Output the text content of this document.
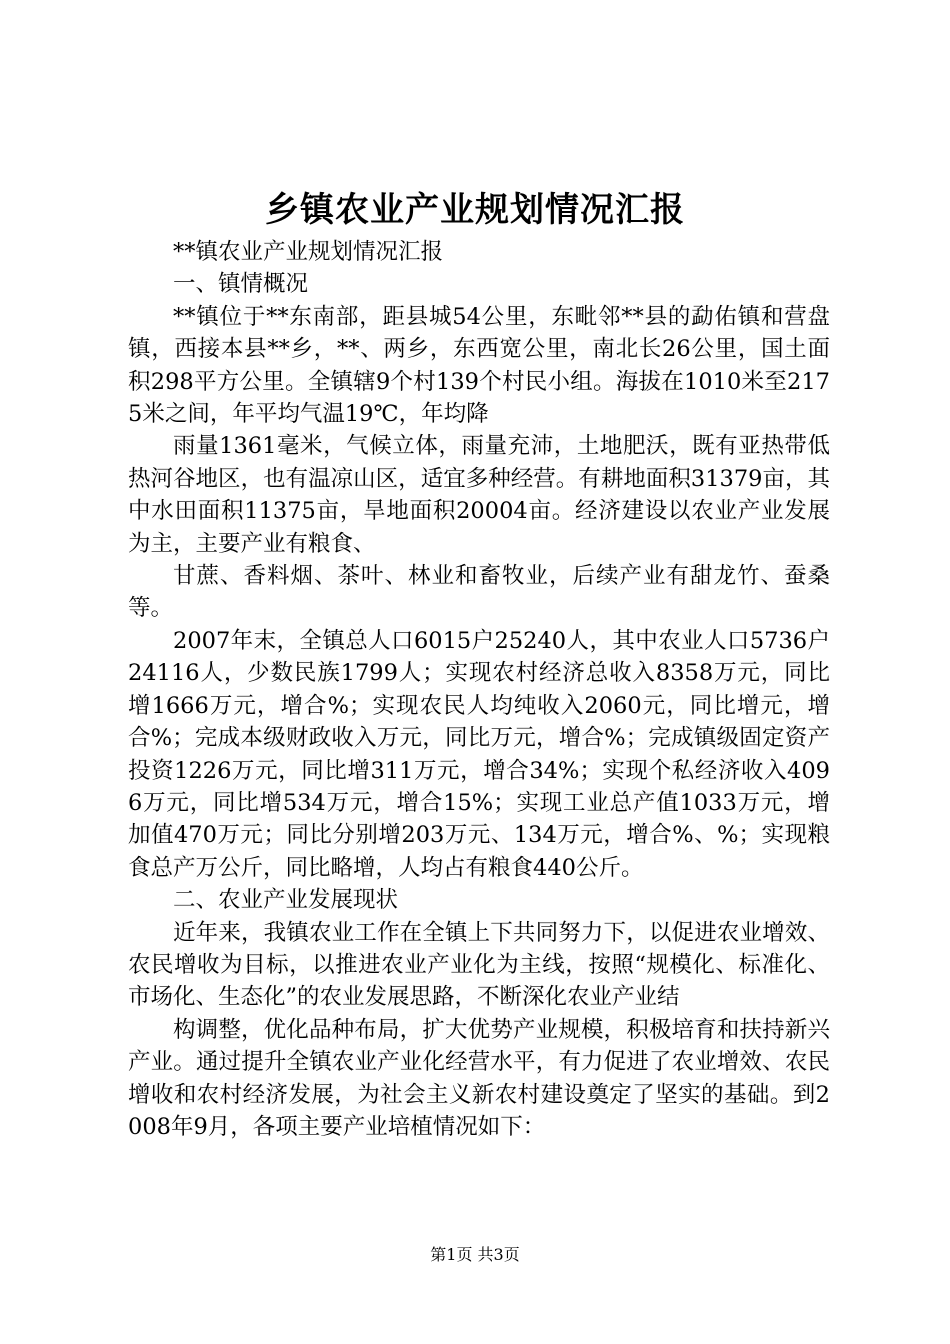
乡镇农业产业规划情况汇报

**镇农业产业规划情况汇报

一、镇情概况

**镇位于**东南部，距县城54公里，东毗邻**县的勐佑镇和营盘镇，西接本县**乡，**、两乡，东西宽公里，南北长26公里，国土面积298平方公里。全镇辖9个村139个村民小组。海拔在1010米至2175米之间，年平均气温19℃，年均降

雨量1361毫米，气候立体，雨量充沛，土地肥沃，既有亚热带低热河谷地区，也有温凉山区，适宜多种经营。有耕地面积31379亩，其中水田面积11375亩，旱地面积20004亩。经济建设以农业产业发展为主，主要产业有粮食、

甘蔗、香料烟、茶叶、林业和畜牧业，后续产业有甜龙竹、蚕桑等。

2007年末，全镇总人口6015户25240人，其中农业人口5736户24116人，少数民族1799人；实现农村经济总收入8358万元，同比增1666万元，增合%；实现农民人均纯收入2060元，同比增元，增合%；完成本级财政收入万元，同比万元，增合%；完成镇级固定资产投资1226万元，同比增311万元，增合34%；实现个私经济收入4096万元，同比增534万元，增合15%；实现工业总产值1033万元，增加值470万元；同比分别增203万元、134万元，增合%、%；实现粮食总产万公斤，同比略增，人均占有粮食440公斤。

二、农业产业发展现状

近年来，我镇农业工作在全镇上下共同努力下，以促进农业增效、农民增收为目标，以推进农业产业化为主线，按照“规模化、标准化、市场化、生态化”的农业发展思路，不断深化农业产业结

构调整，优化品种布局，扩大优势产业规模，积极培育和扶持新兴产业。通过提升全镇农业产业化经营水平，有力促进了农业增效、农民增收和农村经济发展，为社会主义新农村建设奠定了坚实的基础。到2008年9月，各项主要产业培植情况如下：

第1页 共3页
